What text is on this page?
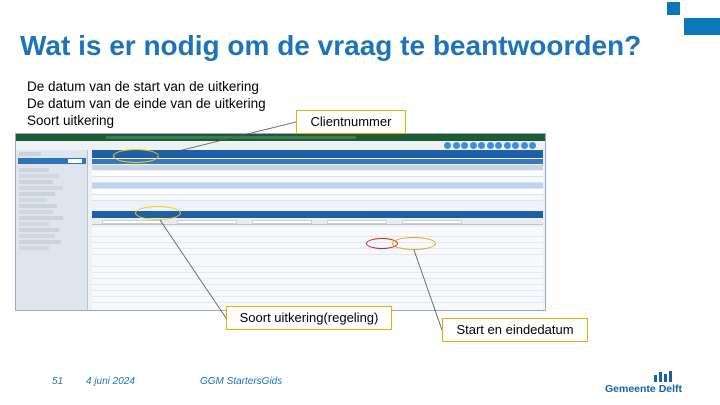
Wat is er nodig om de vraag te beantwoorden?
De datum van de start van de uitkering
De datum van de einde van de uitkering
Soort uitkering	Clientnummer
Soort uitkering(regeling)
Start en eindedatum
51 4 juni 2024	GGM StartersGids
Gemeente Delft
